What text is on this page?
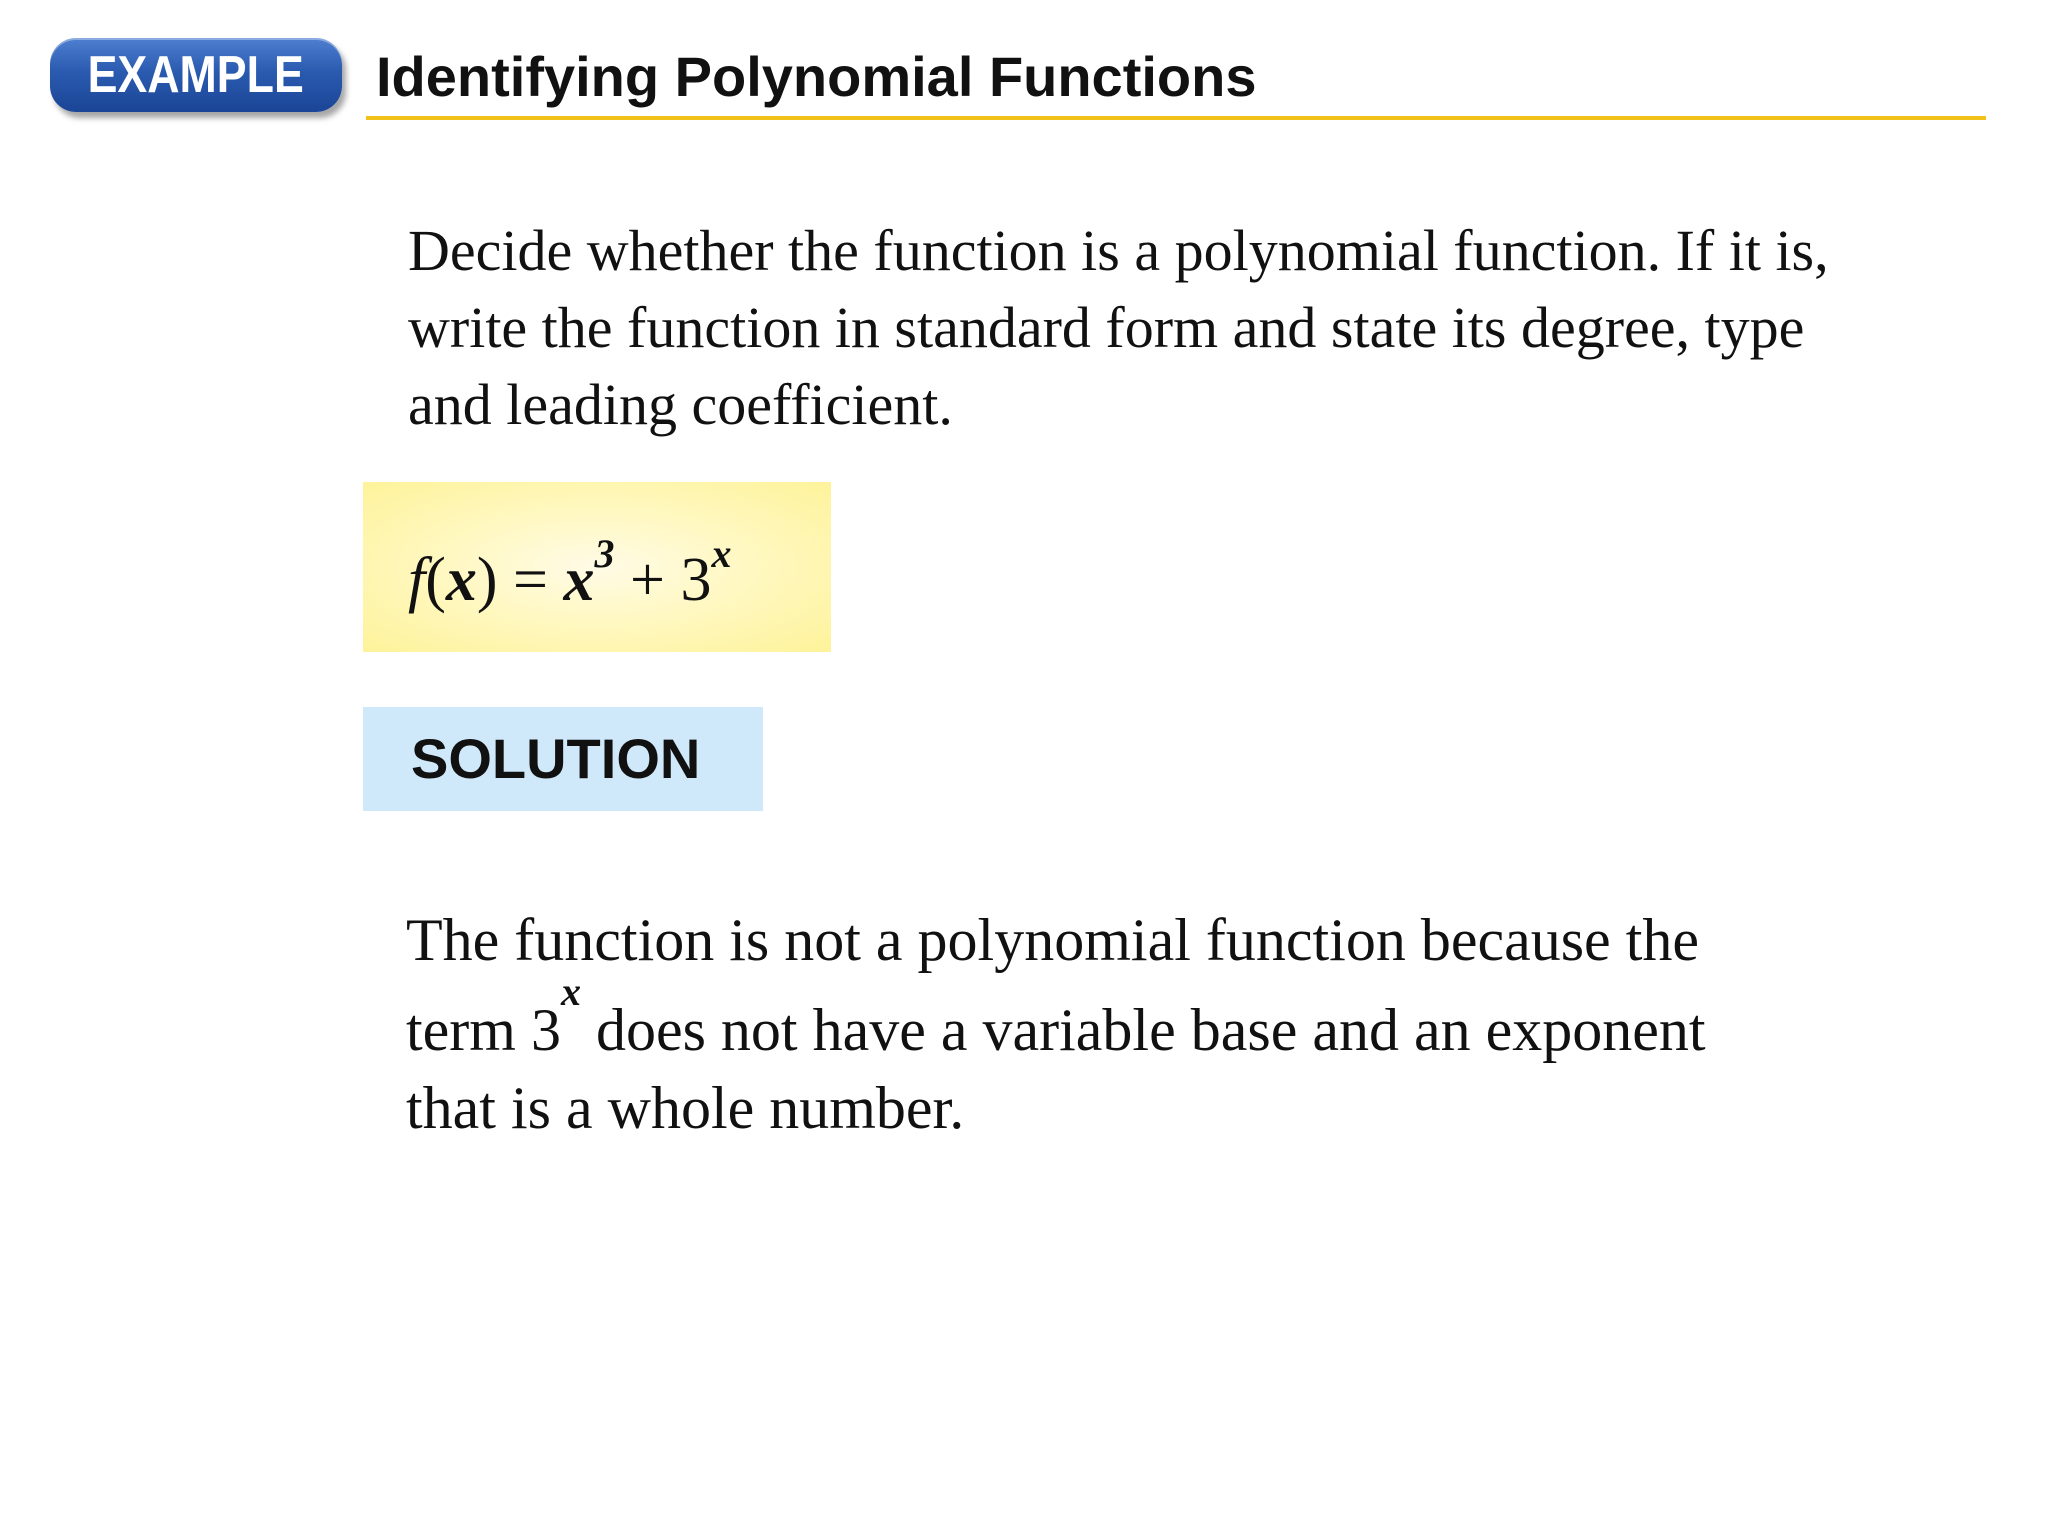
EXAMPLE	Identifying Polynomial Functions
Decide whether the function is a polynomial function. If it is,
write the function in standard form and state its degree, type
and leading coefficient.
$f(x) = x^3 + 3^x$
SOLUTION
The function is not a polynomial function because the
term 3$^x$ does not have a variable base and an exponent
that is a whole number.
